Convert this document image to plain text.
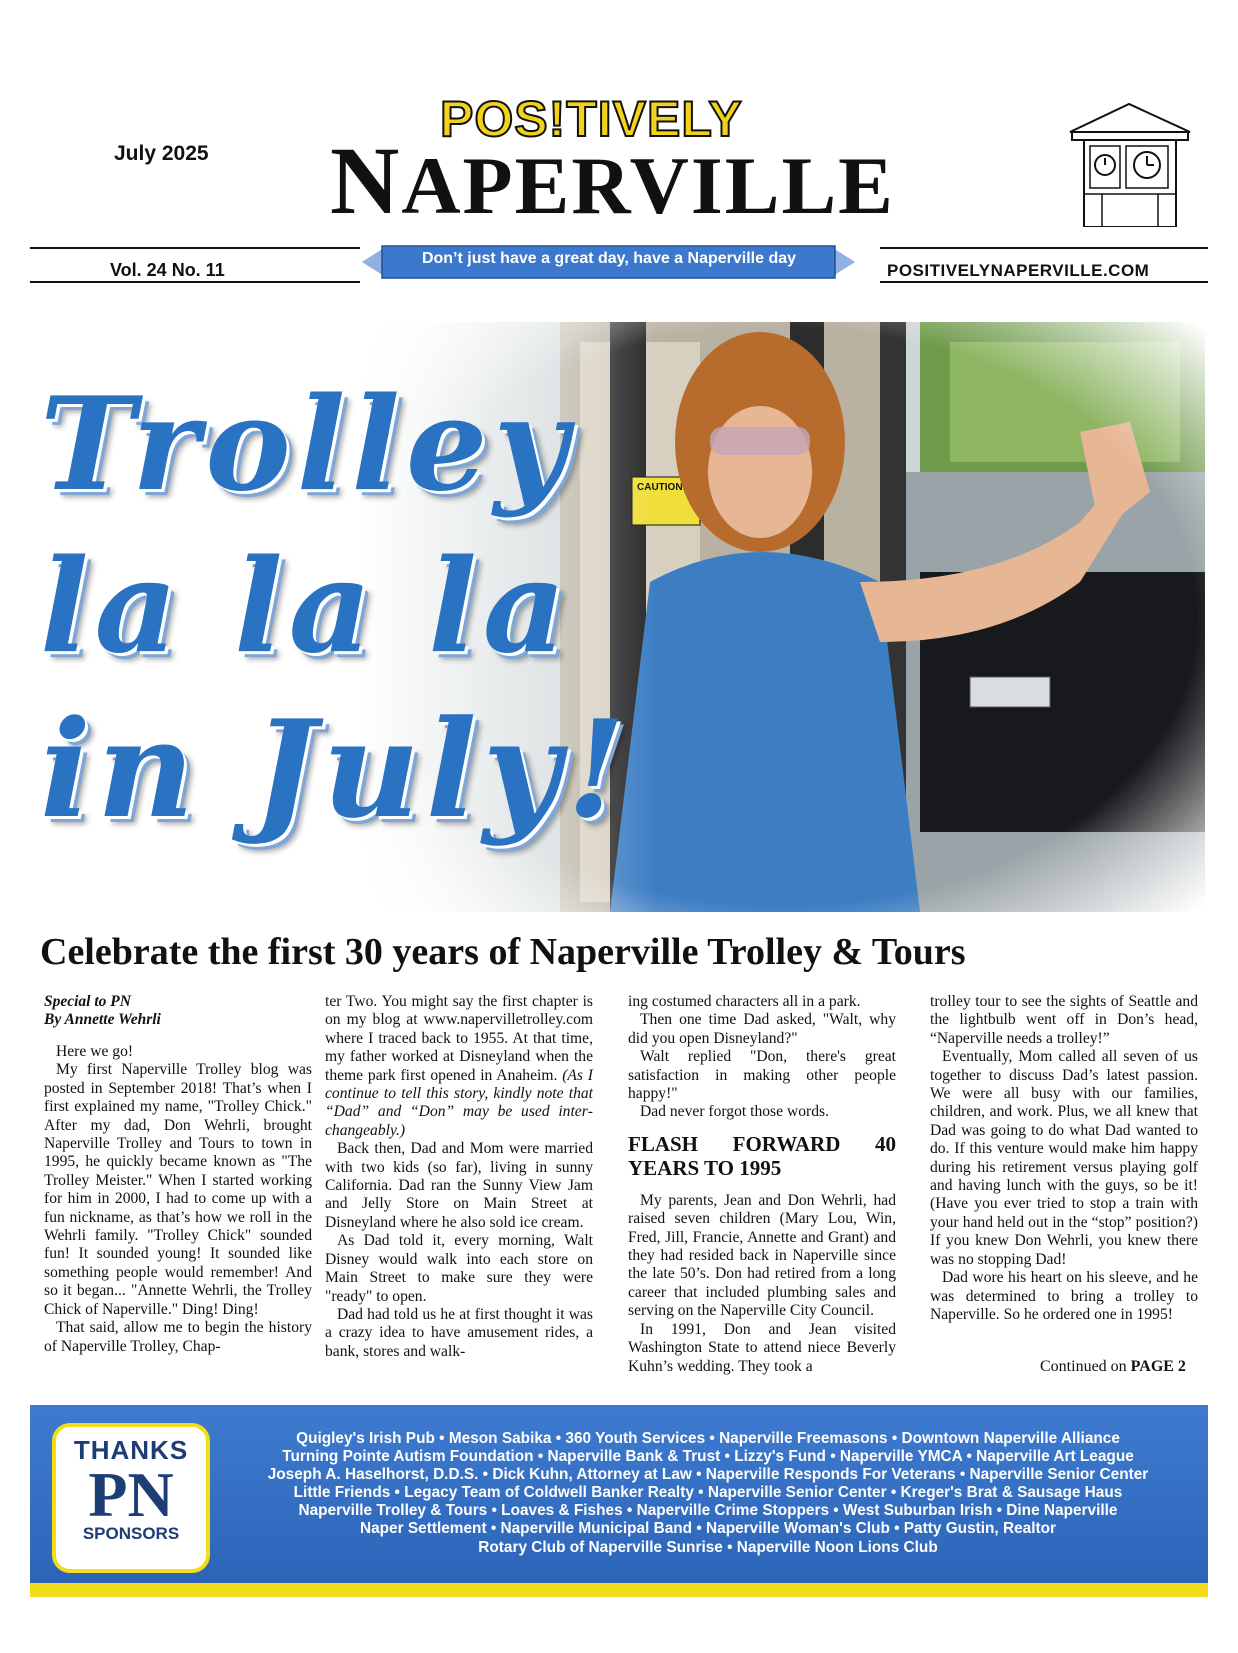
July 2025
POS!TIVELY
NAPERVILLE
Vol. 24 No. 11
Don’t just have a great day, have a Naperville day
POSITIVELYNAPERVILLE.COM
Trolley
la la la
in July!
Celebrate the first 30 years of Naperville Trolley & Tours
Special to PN
By Annette Wehrli

Here we go!

My first Naperville Trolley blog was posted in September 2018! That’s when I first explained my name, "Trolley Chick." After my dad, Don Wehrli, brought Naperville Trolley and Tours to town in 1995, he quickly became known as "The Trolley Meister." When I started working for him in 2000, I had to come up with a fun nickname, as that’s how we roll in the Wehrli family. "Trolley Chick" sounded fun! It sounded young! It sounded like something people would remember! And so it began... "Annette Wehrli, the Trolley Chick of Naperville." Ding! Ding!

That said, allow me to begin the history of Naperville Trolley, Chap-

ter Two. You might say the first chapter is on my blog at www.napervilletrolley.com where I traced back to 1955. At that time, my father worked at Disneyland when the theme park first opened in Anaheim. (As I continue to tell this story, kindly note that “Dad” and “Don” may be used interchangeably.)

Back then, Dad and Mom were married with two kids (so far), living in sunny California. Dad ran the Sunny View Jam and Jelly Store on Main Street at Disneyland where he also sold ice cream.

As Dad told it, every morning, Walt Disney would walk into each store on Main Street to make sure they were "ready" to open.

Dad had told us he at first thought it was a crazy idea to have amusement rides, a bank, stores and walk-

ing costumed characters all in a park.

Then one time Dad asked, "Walt, why did you open Disneyland?"

Walt replied "Don, there's great satisfaction in making other people happy!"

Dad never forgot those words.

FLASH FORWARD 40 YEARS TO 1995

My parents, Jean and Don Wehrli, had raised seven children (Mary Lou, Win, Fred, Jill, Francie, Annette and Grant) and they had resided back in Naperville since the late 50’s. Don had retired from a long career that included plumbing sales and serving on the Naperville City Council.

In 1991, Don and Jean visited Washington State to attend niece Beverly Kuhn’s wedding. They took a

trolley tour to see the sights of Seattle and the lightbulb went off in Don’s head, “Naperville needs a trolley!”

Eventually, Mom called all seven of us together to discuss Dad’s latest passion. We were all busy with our families, children, and work. Plus, we all knew that Dad was going to do what Dad wanted to do. If this venture would make him happy during his retirement versus playing golf and having lunch with the guys, so be it! (Have you ever tried to stop a train with your hand held out in the “stop” position?) If you knew Don Wehrli, you knew there was no stopping Dad!

Dad wore his heart on his sleeve, and he was determined to bring a trolley to Naperville. So he ordered one in 1995!

Continued on PAGE 2
THANKS
PN
SPONSORS
Quigley's Irish Pub • Meson Sabika • 360 Youth Services • Naperville Freemasons • Downtown Naperville Alliance
Turning Pointe Autism Foundation • Naperville Bank & Trust • Lizzy's Fund • Naperville YMCA • Naperville Art League
Joseph A. Haselhorst, D.D.S. • Dick Kuhn, Attorney at Law • Naperville Responds For Veterans • Naperville Senior Center
Little Friends • Legacy Team of Coldwell Banker Realty • Naperville Senior Center • Kreger's Brat & Sausage Haus
Naperville Trolley & Tours • Loaves & Fishes • Naperville Crime Stoppers • West Suburban Irish • Dine Naperville
Naper Settlement • Naperville Municipal Band • Naperville Woman's Club • Patty Gustin, Realtor
Rotary Club of Naperville Sunrise • Naperville Noon Lions Club
